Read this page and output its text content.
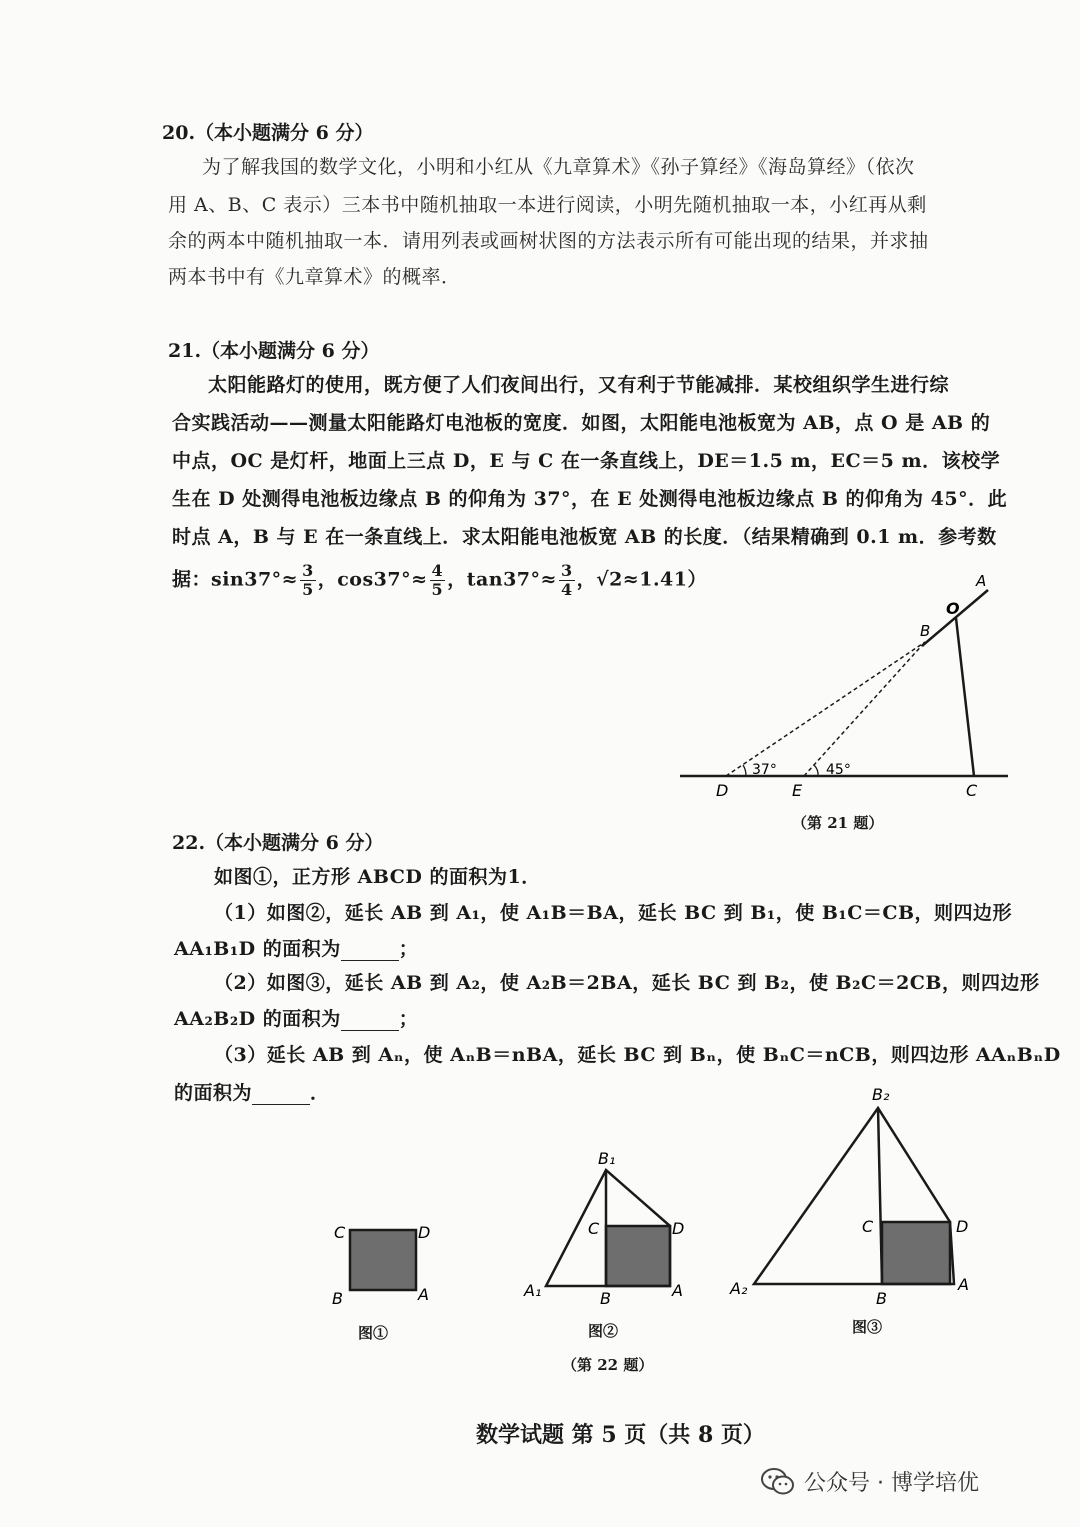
20.（本小题满分 6 分）
为了解我国的数学文化，小明和小红从《九章算术》《孙子算经》《海岛算经》（依次
用 A、B、C 表示）三本书中随机抽取一本进行阅读，小明先随机抽取一本，小红再从剩
余的两本中随机抽取一本．请用列表或画树状图的方法表示所有可能出现的结果，并求抽
两本书中有《九章算术》的概率．
21.（本小题满分 6 分）
太阳能路灯的使用，既方便了人们夜间出行，又有利于节能减排．某校组织学生进行综
合实践活动——测量太阳能路灯电池板的宽度．如图，太阳能电池板宽为 AB，点 O 是 AB 的
中点，OC 是灯杆，地面上三点 D，E 与 C 在一条直线上，DE＝1.5 m，EC＝5 m．该校学
生在 D 处测得电池板边缘点 B 的仰角为 37°，在 E 处测得电池板边缘点 B 的仰角为 45°．此
时点 A，B 与 E 在一条直线上．求太阳能电池板宽 AB 的长度．（结果精确到 0.1 m．参考数
据：$\sin 37^\circ\approx \frac{3}{5}$ ，$\cos 37^\circ\approx \frac{4}{5}$ ，$\tan 37^\circ\approx \frac{3}{4}$ ，√2≈1.41）	A
O
B
D	E	C
37°	45°
（第 21 题）
22.（本小题满分 6 分）
如图①，正方形 ABCD 的面积为1．
（1）如图②，延长 AB 到 A₁，使 A₁B＝BA，延长 BC 到 B₁，使 B₁C＝CB，则四边形
AA₁B₁D 的面积为	；
（2）如图③，延长 AB 到 A₂，使 A₂B＝2BA，延长 BC 到 B₂，使 B₂C＝2CB，则四边形
AA₂B₂D 的面积为	；
（3）延长 AB 到 Aₙ，使 AₙB＝nBA，延长 BC 到 Bₙ，使 BₙC＝nCB，则四边形 AAₙBₙD
的面积为	．
C	D
B	A
B₁
C	D
A₁	B	A
B₂
C	D
A₂
B
A
图①	图②	图③
（第 22 题）
数学试题 第 5 页（共 8 页）
公众号 · 博学培优
